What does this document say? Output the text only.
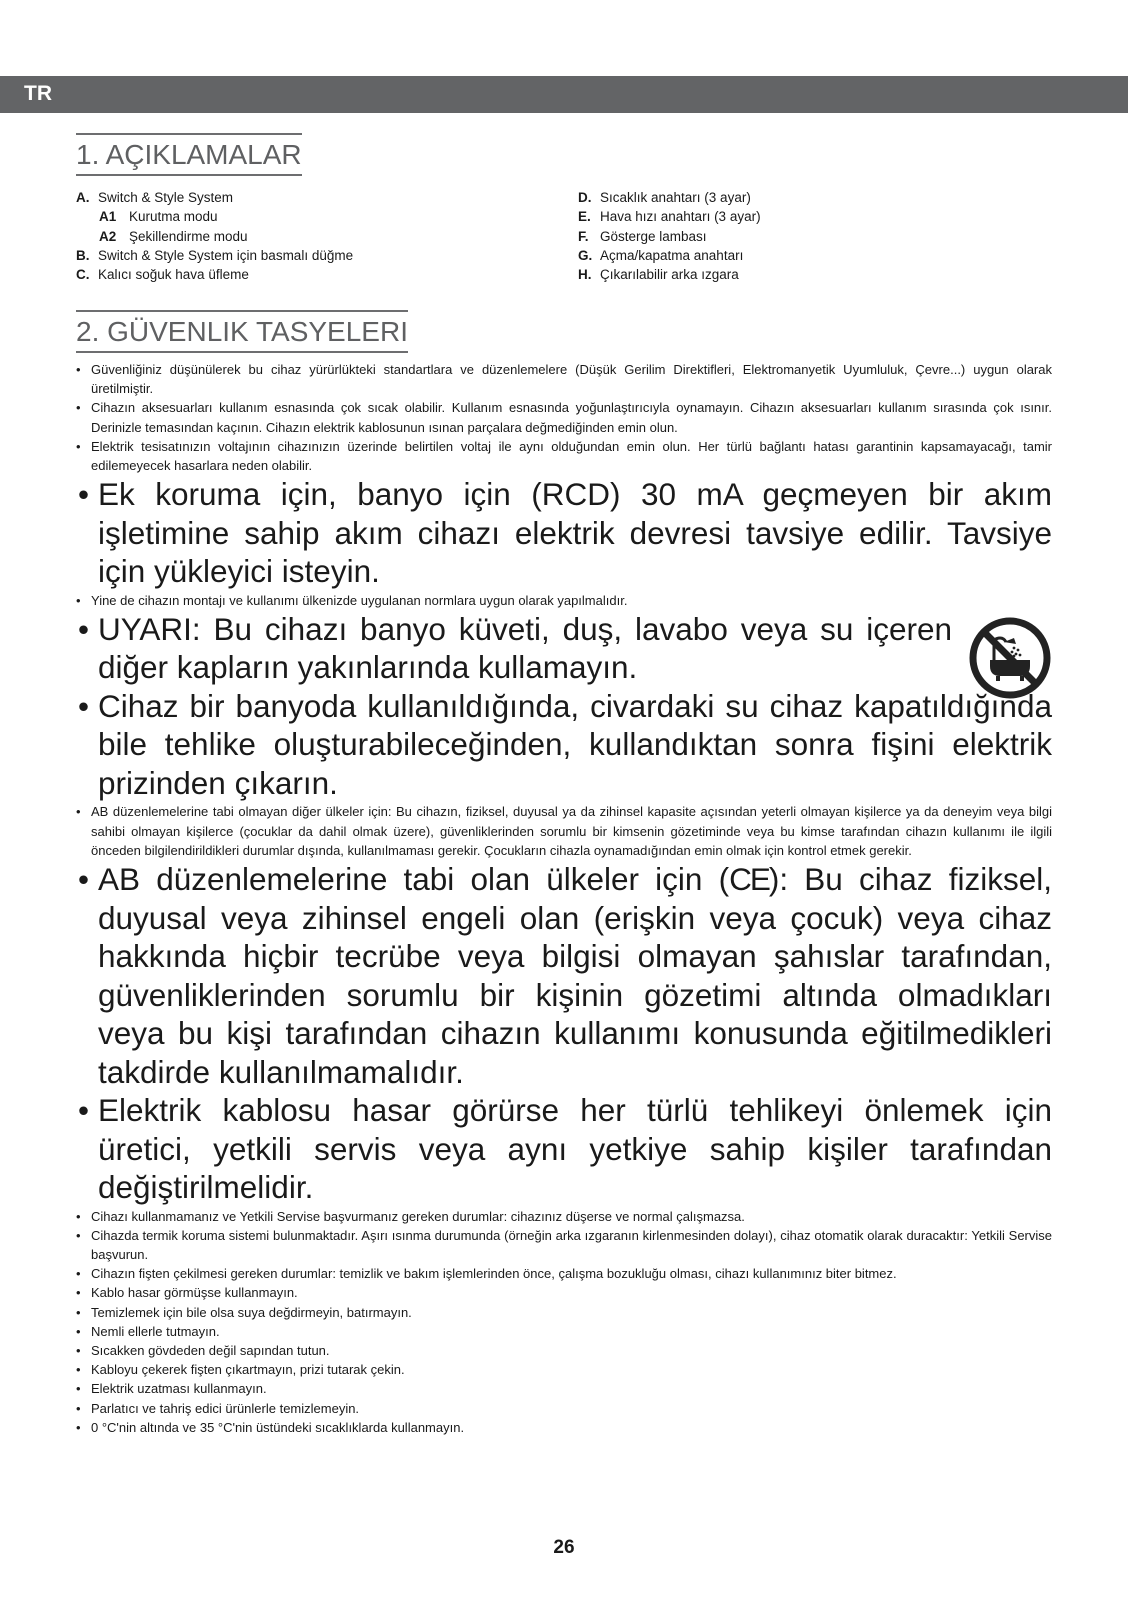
TR
1. AÇIKLAMALAR
A. Switch & Style System
A1 Kurutma modu
A2 Şekillendirme modu
B. Switch & Style System için basmalı düğme
C. Kalıcı soğuk hava üfleme
D. Sıcaklık anahtarı (3 ayar)
E. Hava hızı anahtarı (3 ayar)
F. Gösterge lambası
G. Açma/kapatma anahtarı
H. Çıkarılabilir arka ızgara
2. GÜVENLIK TASYELERI
• Güvenliğiniz düşünülerek bu cihaz yürürlükteki standartlara ve düzenlemelere (Düşük Gerilim Direktifleri, Elektromanyetik Uyumluluk, Çevre...) uygun olarak üretilmiştir.
• Cihazın aksesuarları kullanım esnasında çok sıcak olabilir. Kullanım esnasında yoğunlaştırıcıyla oynamayın. Cihazın aksesuarları kullanım sırasında çok ısınır. Derinizle temasından kaçının. Cihazın elektrik kablosunun ısınan parçalara değmediğinden emin olun.
• Elektrik tesisatınızın voltajının cihazınızın üzerinde belirtilen voltaj ile aynı olduğundan emin olun. Her türlü bağlantı hatası garantinin kapsamayacağı, tamir edilemeyecek hasarlara neden olabilir.
• Ek koruma için, banyo için (RCD) 30 mA geçmeyen bir akım işletimine sahip akım cihazı elektrik devresi tavsiye edilir. Tavsiye için yükleyici isteyin.
• Yine de cihazın montajı ve kullanımı ülkenizde uygulanan normlara uygun olarak yapılmalıdır.
• UYARI: Bu cihazı banyo küveti, duş, lavabo veya su içeren diğer kapların yakınlarında kullamayın.
• Cihaz bir banyoda kullanıldığında, civardaki su cihaz kapatıldığında bile tehlike oluşturabileceğinden, kullandıktan sonra fişini elektrik prizinden çıkarın.
• AB düzenlemelerine tabi olmayan diğer ülkeler için: Bu cihazın, fiziksel, duyusal ya da zihinsel kapasite açısından yeterli olmayan kişilerce ya da deneyim veya bilgi sahibi olmayan kişilerce (çocuklar da dahil olmak üzere), güvenliklerinden sorumlu bir kimsenin gözetiminde veya bu kimse tarafından cihazın kullanımı ile ilgili önceden bilgilendirildikleri durumlar dışında, kullanılmaması gerekir. Çocukların cihazla oynamadığından emin olmak için kontrol etmek gerekir.
• AB düzenlemelerine tabi olan ülkeler için (CE): Bu cihaz fiziksel, duyusal veya zihinsel engeli olan (erişkin veya çocuk) veya cihaz hakkında hiçbir tecrübe veya bilgisi olmayan şahıslar tarafından, güvenliklerinden sorumlu bir kişinin gözetimi altında olmadıkları veya bu kişi tarafından cihazın kullanımı konusunda eğitilmedikleri takdirde kullanılmamalıdır.
• Elektrik kablosu hasar görürse her türlü tehlikeyi önlemek için üretici, yetkili servis veya aynı yetkiye sahip kişiler tarafından değiştirilmelidir.
• Cihazı kullanmamanız ve Yetkili Servise başvurmanız gereken durumlar: cihazınız düşerse ve normal çalışmazsa.
• Cihazda termik koruma sistemi bulunmaktadır. Aşırı ısınma durumunda (örneğin arka ızgaranın kirlenmesinden dolayı), cihaz otomatik olarak duracaktır: Yetkili Servise başvurun.
• Cihazın fişten çekilmesi gereken durumlar: temizlik ve bakım işlemlerinden önce, çalışma bozukluğu olması, cihazı kullanımınız biter bitmez.
• Kablo hasar görmüşse kullanmayın.
• Temizlemek için bile olsa suya değdirmeyin, batırmayın.
• Nemli ellerle tutmayın.
• Sıcakken gövdeden değil sapından tutun.
• Kabloyu çekerek fişten çıkartmayın, prizi tutarak çekin.
• Elektrik uzatması kullanmayın.
• Parlatıcı ve tahriş edici ürünlerle temizlemeyin.
• 0 °C'nin altında ve 35 °C'nin üstündeki sıcaklıklarda kullanmayın.
26
